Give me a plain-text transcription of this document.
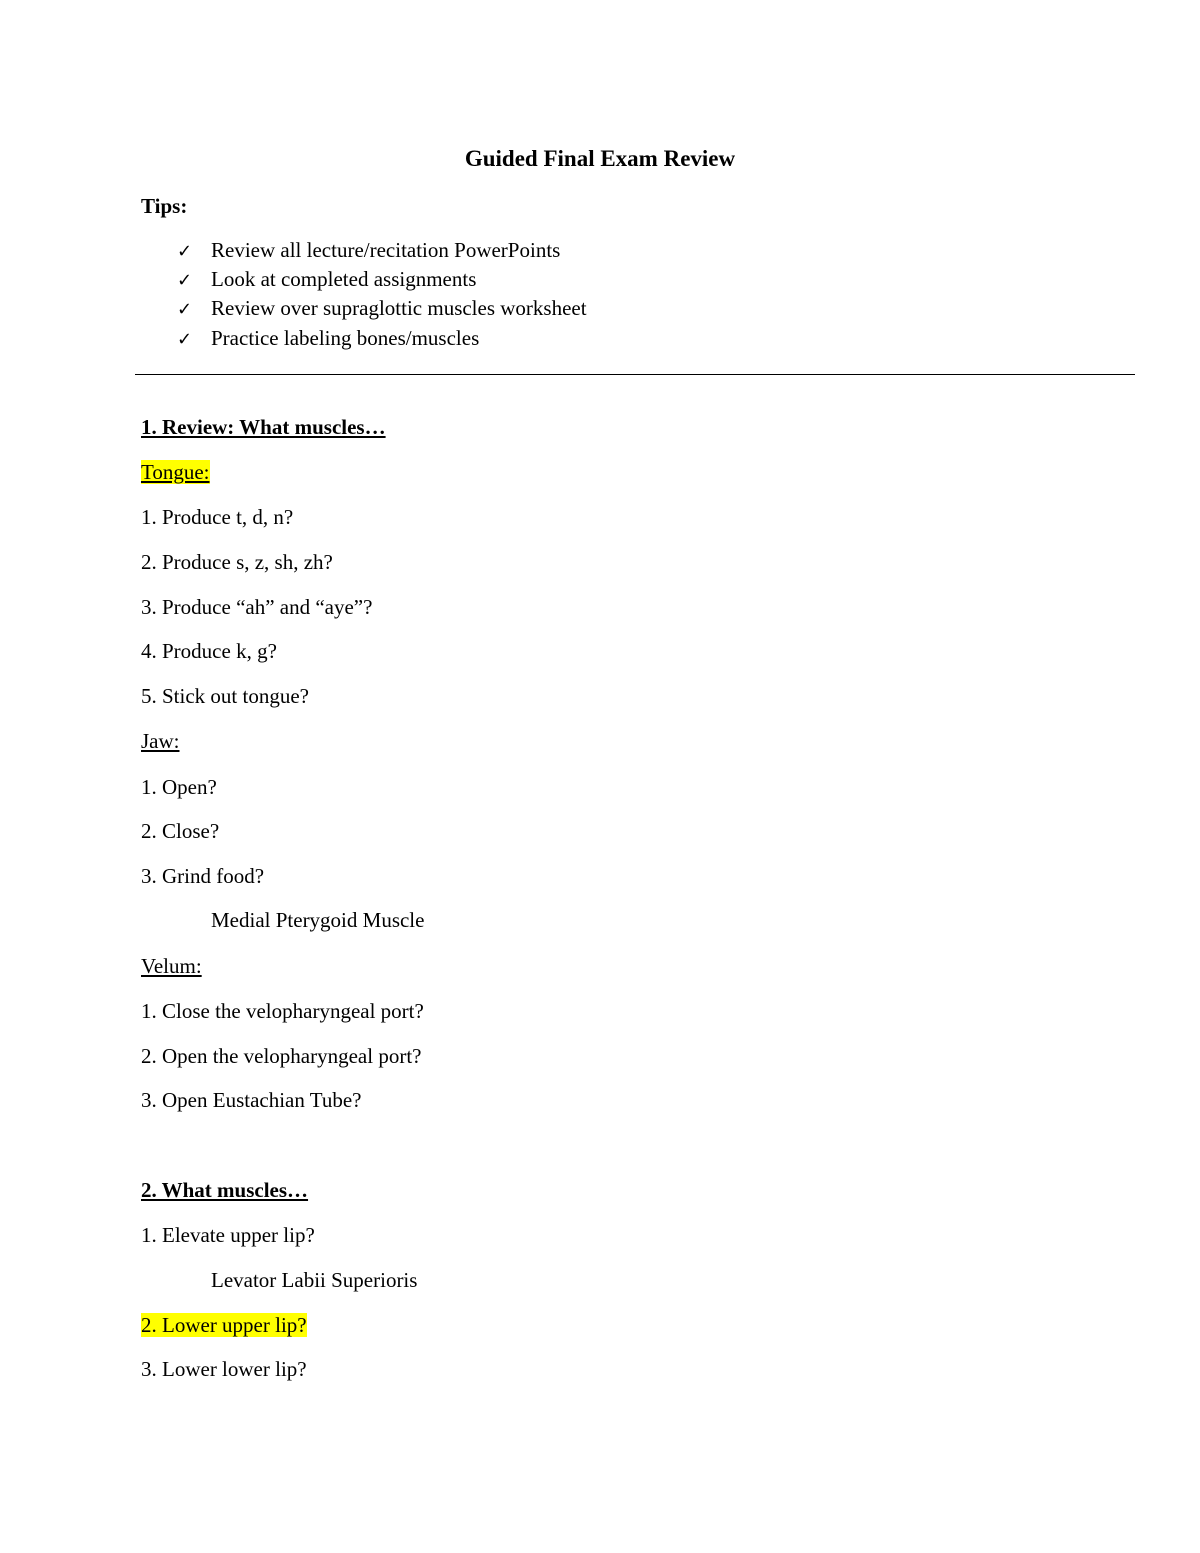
Guided Final Exam Review
Tips:
✓ Review all lecture/recitation PowerPoints
✓ Look at completed assignments
✓ Review over supraglottic muscles worksheet
✓ Practice labeling bones/muscles
1. Review: What muscles…
Tongue:
1. Produce t, d, n?
2. Produce s, z, sh, zh?
3. Produce “ah” and “aye”?
4. Produce k, g?
5. Stick out tongue?
Jaw:
1. Open?
2. Close?
3. Grind food?
Medial Pterygoid Muscle
Velum:
1. Close the velopharyngeal port?
2. Open the velopharyngeal port?
3. Open Eustachian Tube?
2. What muscles…
1. Elevate upper lip?
Levator Labii Superioris
2. Lower upper lip?
3. Lower lower lip?
